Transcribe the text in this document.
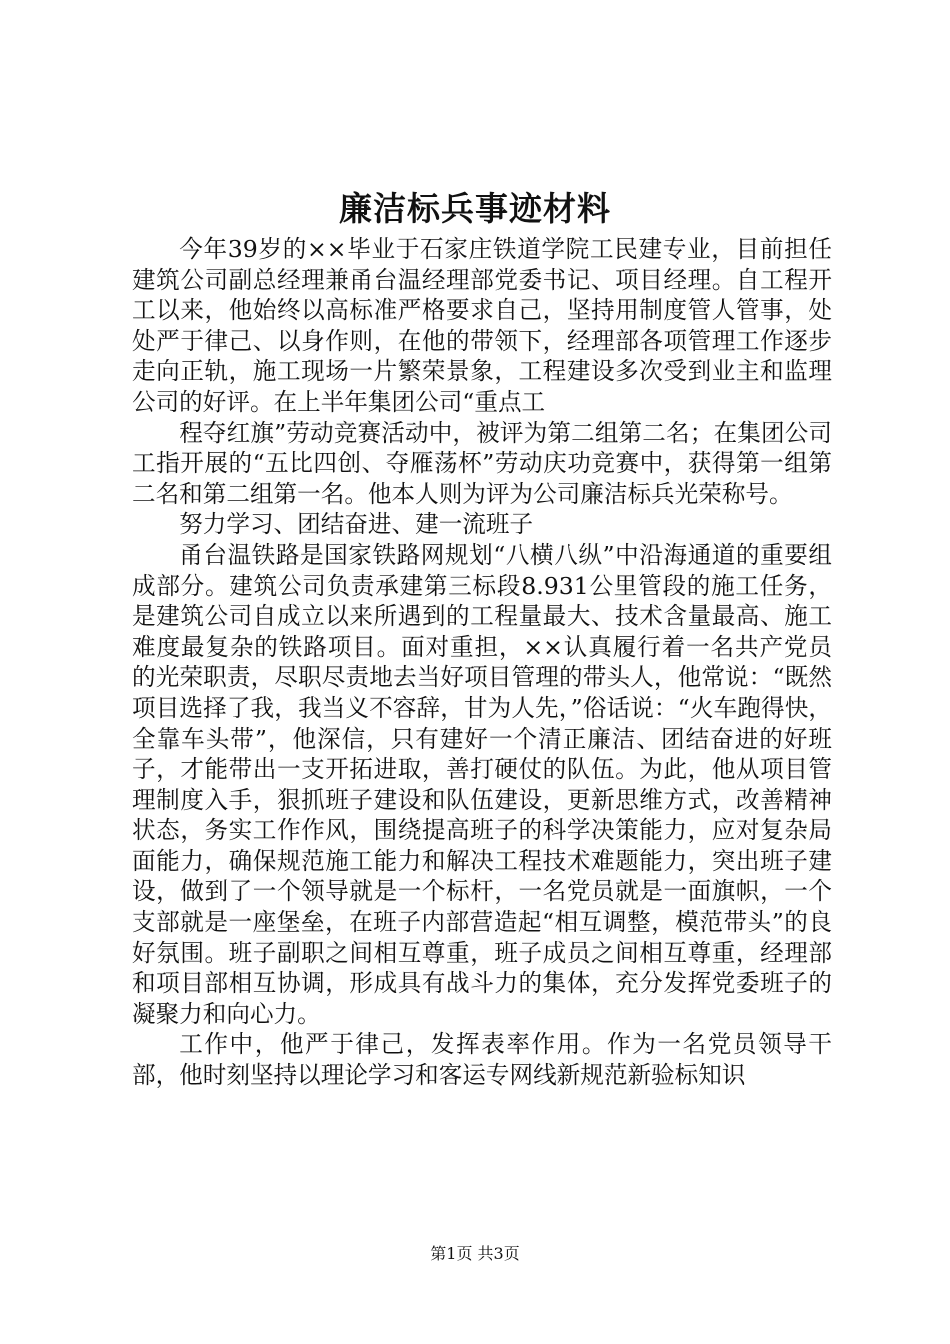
廉洁标兵事迹材料

今年39岁的××毕业于石家庄铁道学院工民建专业，目前担任建筑公司副总经理兼甬台温经理部党委书记、项目经理。自工程开工以来，他始终以高标准严格要求自己，坚持用制度管人管事，处处严于律己、以身作则，在他的带领下，经理部各项管理工作逐步走向正轨，施工现场一片繁荣景象，工程建设多次受到业主和监理公司的好评。在上半年集团公司“重点工

程夺红旗”劳动竞赛活动中，被评为第二组第二名；在集团公司工指开展的“五比四创、夺雁荡杯”劳动庆功竞赛中，获得第一组第二名和第二组第一名。他本人则为评为公司廉洁标兵光荣称号。

努力学习、团结奋进、建一流班子

甬台温铁路是国家铁路网规划“八横八纵”中沿海通道的重要组成部分。建筑公司负责承建第三标段8.931公里管段的施工任务，是建筑公司自成立以来所遇到的工程量最大、技术含量最高、施工难度最复杂的铁路项目。面对重担，××认真履行着一名共产党员的光荣职责，尽职尽责地去当好项目管理的带头人，他常说：“既然项目选择了我，我当义不容辞，甘为人先，”俗话说：“火车跑得快，全靠车头带”，他深信，只有建好一个清正廉洁、团结奋进的好班子，才能带出一支开拓进取，善打硬仗的队伍。为此，他从项目管理制度入手，狠抓班子建设和队伍建设，更新思维方式，改善精神状态，务实工作作风，围绕提高班子的科学决策能力，应对复杂局面能力，确保规范施工能力和解决工程技术难题能力，突出班子建设，做到了一个领导就是一个标杆，一名党员就是一面旗帜，一个支部就是一座堡垒，在班子内部营造起“相互调整，模范带头”的良好氛围。班子副职之间相互尊重，班子成员之间相互尊重，经理部和项目部相互协调，形成具有战斗力的集体，充分发挥党委班子的凝聚力和向心力。

工作中，他严于律己，发挥表率作用。作为一名党员领导干部，他时刻坚持以理论学习和客运专网线新规范新验标知识

第1页 共3页
